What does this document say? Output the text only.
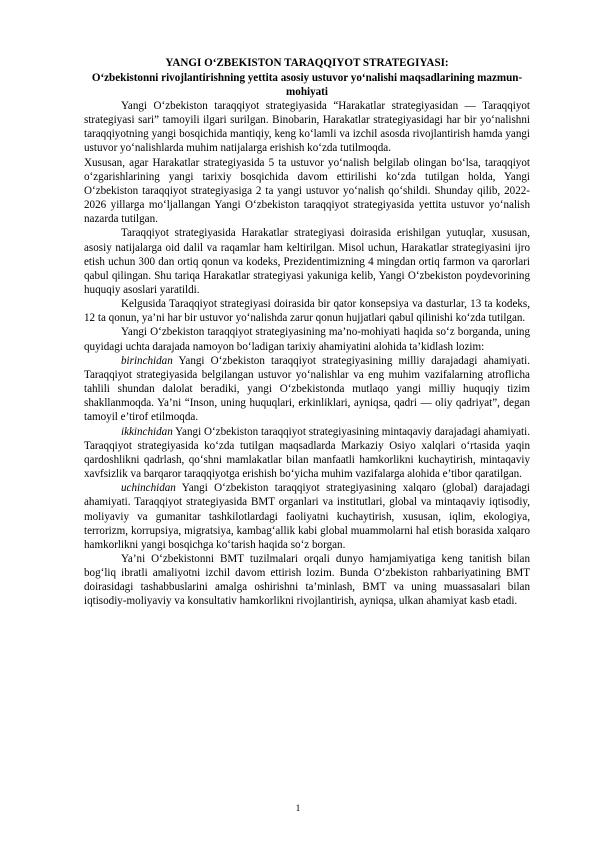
YANGI O‘ZBEKISTON TARAQQIYOT STRATEGIYASI:

O‘zbekistonni rivojlantirishning yettita asosiy ustuvor yo‘nalishi maqsadlarining mazmun-mohiyati

Yangi O‘zbekiston taraqqiyot strategiyasida “Harakatlar strategiyasidan — Taraqqiyot strategiyasi sari” tamoyili ilgari surilgan. Binobarin, Harakatlar strategiyasidagi har bir yo‘nalishni taraqqiyotning yangi bosqichida mantiqiy, keng ko‘lamli va izchil asosda rivojlantirish hamda yangi ustuvor yo‘nalishlarda muhim natijalarga erishish ko‘zda tutilmoqda.

Xususan, agar Harakatlar strategiyasida 5 ta ustuvor yo‘nalish belgilab olingan bo‘lsa, taraqqiyot o‘zgarishlarining yangi tarixiy bosqichida davom ettirilishi ko‘zda tutilgan holda, Yangi O‘zbekiston taraqqiyot strategiyasiga 2 ta yangi ustuvor yo‘nalish qo‘shildi. Shunday qilib, 2022-2026 yillarga mo‘ljallangan Yangi O‘zbekiston taraqqiyot strategiyasida yettita ustuvor yo‘nalish nazarda tutilgan.

Taraqqiyot strategiyasida Harakatlar strategiyasi doirasida erishilgan yutuqlar, xususan, asosiy natijalarga oid dalil va raqamlar ham keltirilgan. Misol uchun, Harakatlar strategiyasini ijro etish uchun 300 dan ortiq qonun va kodeks, Prezidentimizning 4 mingdan ortiq farmon va qarorlari qabul qilingan. Shu tariqa Harakatlar strategiyasi yakuniga kelib, Yangi O‘zbekiston poydevorining huquqiy asoslari yaratildi.

Kelgusida Taraqqiyot strategiyasi doirasida bir qator konsepsiya va dasturlar, 13 ta kodeks, 12 ta qonun, ya’ni har bir ustuvor yo‘nalishda zarur qonun hujjatlari qabul qilinishi ko‘zda tutilgan.

Yangi O‘zbekiston taraqqiyot strategiyasining ma’no-mohiyati haqida so‘z borganda, uning quyidagi uchta darajada namoyon bo‘ladigan tarixiy ahamiyatini alohida ta’kidlash lozim:

birinchidan Yangi O‘zbekiston taraqqiyot strategiyasining milliy darajadagi ahamiyati. Taraqqiyot strategiyasida belgilangan ustuvor yo‘nalishlar va eng muhim vazifalarning atroflicha tahlili shundan dalolat beradiki, yangi O‘zbekistonda mutlaqo yangi milliy huquqiy tizim shakllanmoqda. Ya’ni “Inson, uning huquqlari, erkinliklari, ayniqsa, qadri — oliy qadriyat”, degan tamoyil e’tirof etilmoqda.

ikkinchidan Yangi O‘zbekiston taraqqiyot strategiyasining mintaqaviy darajadagi ahamiyati. Taraqqiyot strategiyasida ko‘zda tutilgan maqsadlarda Markaziy Osiyo xalqlari o‘rtasida yaqin qardoshlikni qadrlash, qo‘shni mamlakatlar bilan manfaatli hamkorlikni kuchaytirish, mintaqaviy xavfsizlik va barqaror taraqqiyotga erishish bo‘yicha muhim vazifalarga alohida e’tibor qaratilgan.

uchinchidan Yangi O‘zbekiston taraqqiyot strategiyasining xalqaro (global) darajadagi ahamiyati. Taraqqiyot strategiyasida BMT organlari va institutlari, global va mintaqaviy iqtisodiy, moliyaviy va gumanitar tashkilotlardagi faoliyatni kuchaytirish, xususan, iqlim, ekologiya, terrorizm, korrupsiya, migratsiya, kambag‘allik kabi global muammolarni hal etish borasida xalqaro hamkorlikni yangi bosqichga ko‘tarish haqida so‘z borgan.

Ya’ni O‘zbekistonni BMT tuzilmalari orqali dunyo hamjamiyatiga keng tanitish bilan bog‘liq ibratli amaliyotni izchil davom ettirish lozim. Bunda O‘zbekiston rahbariyatining BMT doirasidagi tashabbuslarini amalga oshirishni ta’minlash, BMT va uning muassasalari bilan iqtisodiy-moliyaviy va konsultativ hamkorlikni rivojlantirish, ayniqsa, ulkan ahamiyat kasb etadi.

1
